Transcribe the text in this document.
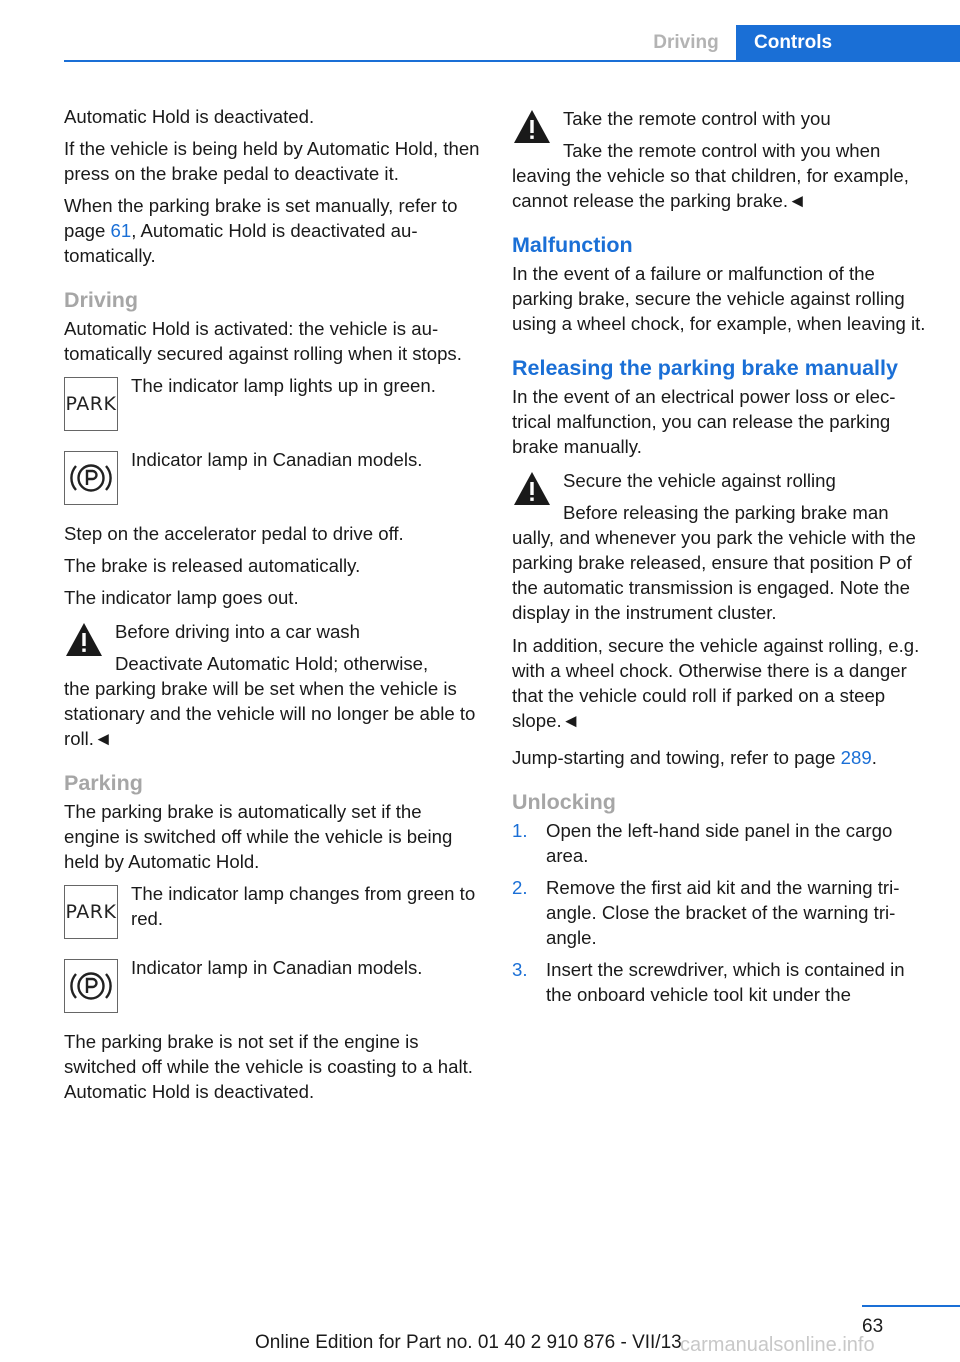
Driving	Controls

Automatic Hold is deactivated.

If the vehicle is being held by Automatic Hold, then press on the brake pedal to deactivate it.

When the parking brake is set manually, refer to page 61, Automatic Hold is deactivated automatically.

Driving

Automatic Hold is activated: the vehicle is automatically secured against rolling when it stops.

PARK
The indicator lamp lights up in green.
Indicator lamp in Canadian models.

Step on the accelerator pedal to drive off.

The brake is released automatically.

The indicator lamp goes out.

Before driving into a car wash
Deactivate Automatic Hold; otherwise,
the parking brake will be set when the vehicle is stationary and the vehicle will no longer be able to roll.◄
Parking

The parking brake is automatically set if the engine is switched off while the vehicle is being held by Automatic Hold.

PARK
The indicator lamp changes from green to red.
Indicator lamp in Canadian models.

The parking brake is not set if the engine is switched off while the vehicle is coasting to a halt. Automatic Hold is deactivated.

Take the remote control with you
Take the remote control with you when
leaving the vehicle so that children, for example, cannot release the parking brake.◄
Malfunction

In the event of a failure or malfunction of the parking brake, secure the vehicle against rolling using a wheel chock, for example, when leaving it.

Releasing the parking brake manually

In the event of an electrical power loss or electrical malfunction, you can release the parking brake manually.

Secure the vehicle against rolling
Before releasing the parking brake man
ually, and whenever you park the vehicle with the parking brake released, ensure that position P of the automatic transmission is engaged. Note the display in the instrument cluster.

In addition, secure the vehicle against rolling, e.g. with a wheel chock. Otherwise there is a danger that the vehicle could roll if parked on a steep slope.◄

Jump-starting and towing, refer to page 289.

Unlocking
1. Open the left-hand side panel in the cargo area.
2. Remove the first aid kit and the warning triangle. Close the bracket of the warning triangle.
3. Insert the screwdriver, which is contained in the onboard vehicle tool kit under the
63
Online Edition for Part no. 01 40 2 910 876 - VII/13
carmanualsonline.info
